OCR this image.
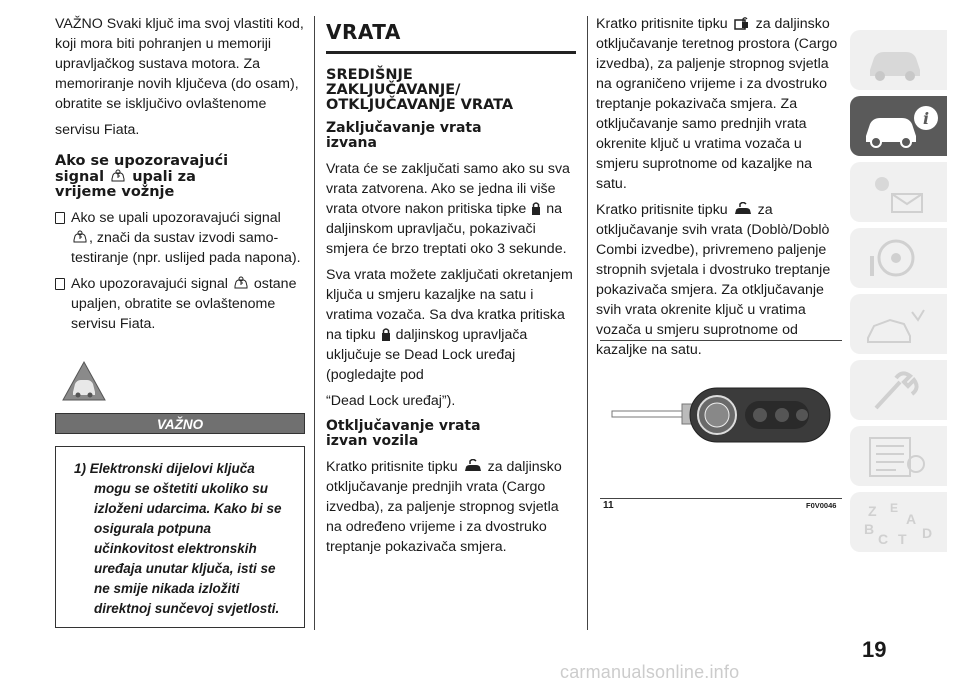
VAŽNO Svaki ključ ima svoj vlastiti kod, koji mora biti pohranjen u memoriji upravljačkog sustava motora. Za memoriranje novih ključeva (do osam), obratite se isključivo ovlaštenome

servisu Fiata.

Ako se upozoravajući
signal upali za
vrijeme vožnje

Ako se upali upozoravajući signal
, znači da sustav izvodi samo-testiranje (npr. uslijed pada napona).

Ako upozoravajući signal ostane upaljen, obratite se ovlaštenome servisu Fiata.

VAŽNO

1) Elektronski dijelovi ključa mogu se oštetiti ukoliko su izloženi udarcima. Kako bi se osigurala potpuna učinkovitost elektronskih uređaja unutar ključa, isti se ne smije nikada izložiti direktnoj sunčevoj svjetlosti.

VRATA
SREDIŠNJE
ZAKLJUČAVANJE/
OTKLJUČAVANJE VRATA
Zaključavanje vrata
izvana

Vrata će se zaključati samo ako su sva vrata zatvorena. Ako se jedna ili više vrata otvore nakon pritiska tipke na daljinskom upravljaču, pokazivači smjera će brzo treptati oko 3 sekunde.

Sva vrata možete zaključati okretanjem ključa u smjeru kazaljke na satu i vratima vozača. Sa dva kratka pritiska na tipku daljinskog upravljača uključuje se Dead Lock uređaj (pogledajte pod

“Dead Lock uređaj”).

Otključavanje vrata
izvan vozila

Kratko pritisnite tipku za daljinsko otključavanje prednjih vrata (Cargo izvedba), za paljenje stropnog svjetla na određeno vrijeme i za dvostruko treptanje pokazivača smjera.

Kratko pritisnite tipku za daljinsko otključavanje teretnog prostora (Cargo izvedba), za paljenje stropnog svjetla na ograničeno vrijeme i za dvostruko treptanje pokazivača smjera. Za otključavanje samo prednjih vrata okrenite ključ u vratima vozača u smjeru suprotnome od kazaljke na satu.

Kratko pritisnite tipku za otključavanje svih vrata (Doblò/Doblò Combi izvedbe), privremeno paljenje stropnih svjetala i dvostruko treptanje pokazivača smjera. Za otključavanje svih vrata okrenite ključ u vratima vozača u smjeru suprotnome od kazaljke na satu.

11	F0V0046
i
Z E
A
B
C T D
19
carmanualsonline.info
